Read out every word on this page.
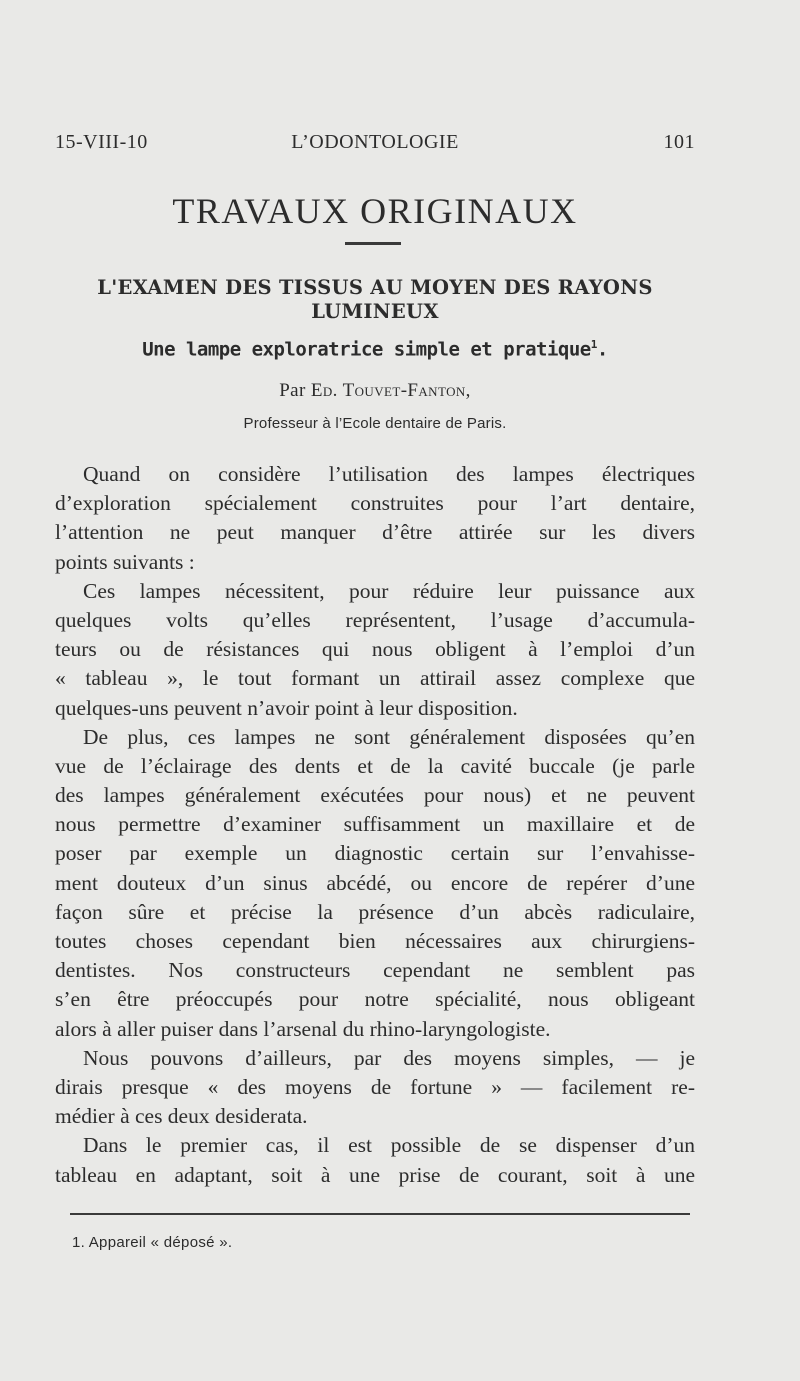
15-VIII-10	L’ODONTOLOGIE	101
TRAVAUX ORIGINAUX
L'EXAMEN DES TISSUS AU MOYEN DES RAYONS
LUMINEUX
Une lampe exploratrice simple et pratique$^1$.
Par Ed. Touvet-Fanton,
Professeur à l’Ecole dentaire de Paris.
Quand on considère l’utilisation des lampes électriques
d’exploration spécialement construites pour l’art dentaire,
l’attention ne peut manquer d’être attirée sur les divers
points suivants :
Ces lampes nécessitent, pour réduire leur puissance aux
quelques volts qu’elles représentent, l’usage d’accumula-
teurs ou de résistances qui nous obligent à l’emploi d’un
« tableau », le tout formant un attirail assez complexe que
quelques-uns peuvent n’avoir point à leur disposition.
De plus, ces lampes ne sont généralement disposées qu’en
vue de l’éclairage des dents et de la cavité buccale (je parle
des lampes généralement exécutées pour nous) et ne peuvent
nous permettre d’examiner suffisamment un maxillaire et de
poser par exemple un diagnostic certain sur l’envahisse-
ment douteux d’un sinus abcédé, ou encore de repérer d’une
façon sûre et précise la présence d’un abcès radiculaire,
toutes choses cependant bien nécessaires aux chirurgiens-
dentistes. Nos constructeurs cependant ne semblent pas
s’en être préoccupés pour notre spécialité, nous obligeant
alors à aller puiser dans l’arsenal du rhino-laryngologiste.
Nous pouvons d’ailleurs, par des moyens simples, — je
dirais presque « des moyens de fortune » — facilement re-
médier à ces deux desiderata.
Dans le premier cas, il est possible de se dispenser d’un
tableau en adaptant, soit à une prise de courant, soit à une
1. Appareil « déposé ».
